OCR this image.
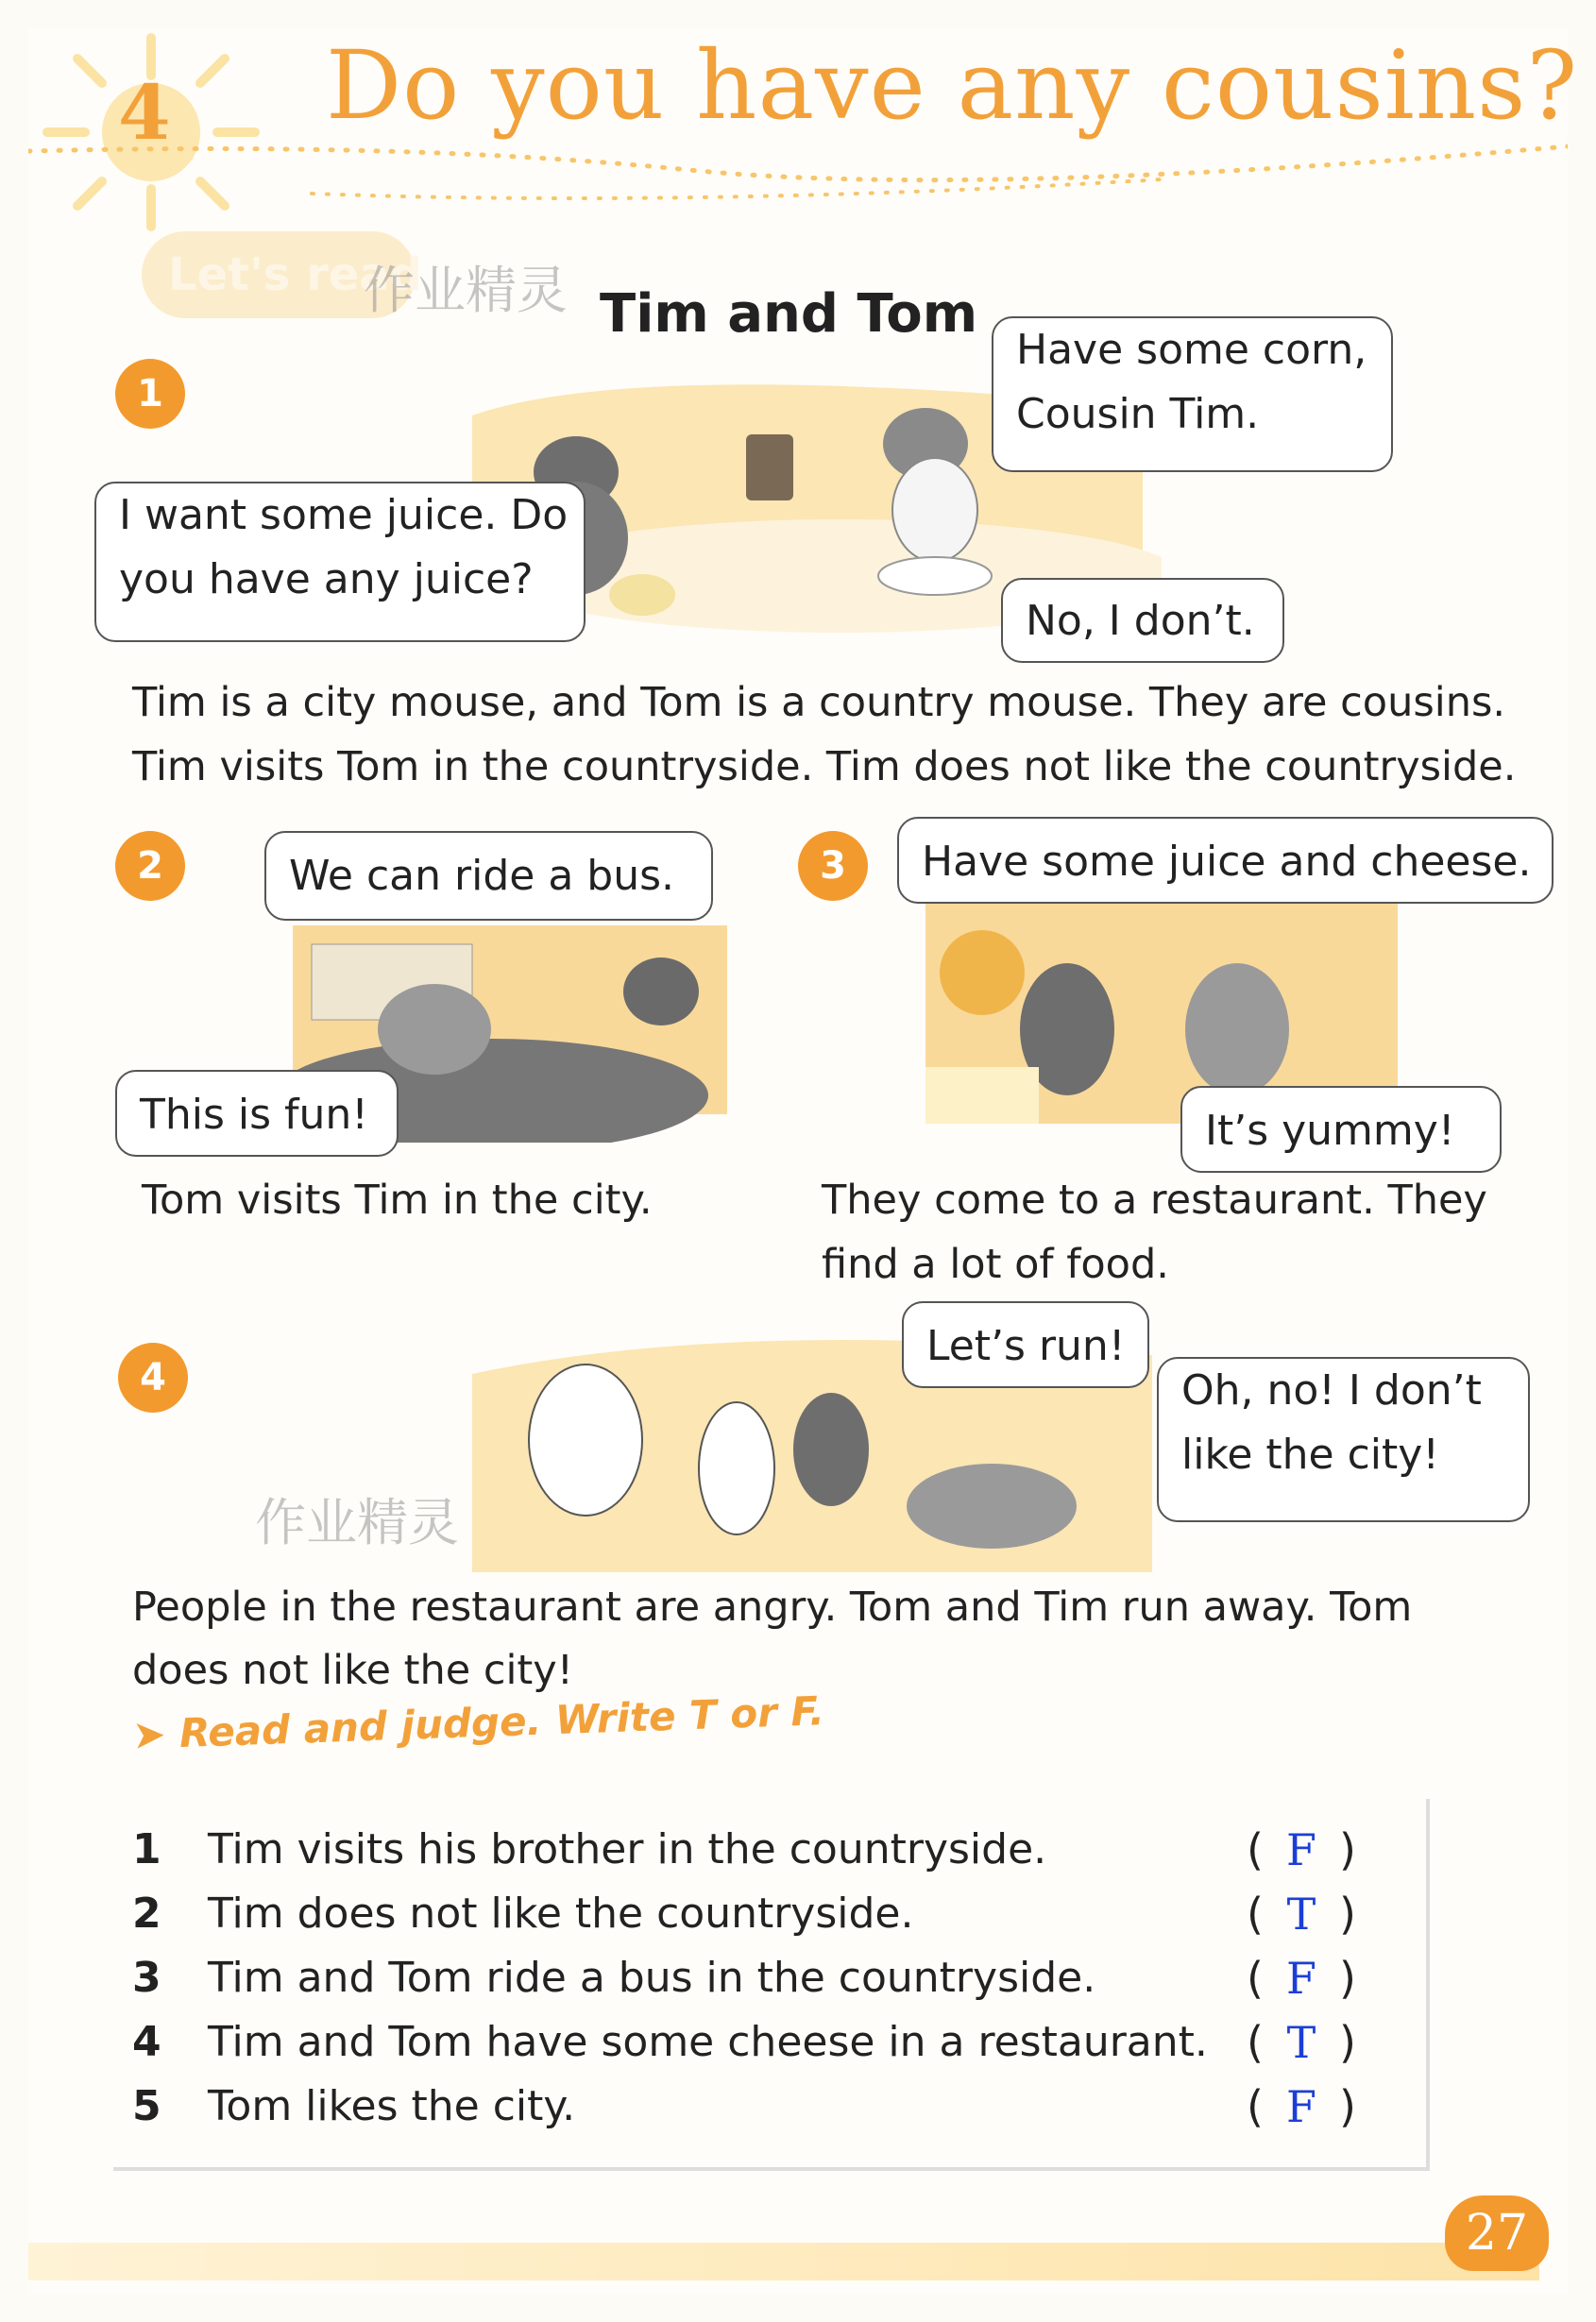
4 Do you have any cousins?
Let's read
作业精灵 Tim and Tom
1
Have some corn,
Cousin Tim.
I want some juice. Do
you have any juice?
No, I don’t.
Tim is a city mouse, and Tom is a country mouse. They are cousins.
Tim visits Tom in the countryside. Tim does not like the countryside.
2	We can ride a bus.
This is fun!
Tom visits Tim in the city.
3	Have some juice and cheese.
It’s yummy!
They come to a restaurant. They
find a lot of food.
4
作业精灵
Let’s run!
Oh, no! I don’t
like the city!
People in the restaurant are angry. Tom and Tim run away. Tom
does not like the city!
➤ Read and judge. Write T or F.
1 Tim visits his brother in the countryside.	( F )
2 Tim does not like the countryside.	( T )
3 Tim and Tom ride a bus in the countryside.	( F )
4 Tim and Tom have some cheese in a restaurant. ( T )
5 Tom likes the city.	( F )
27
